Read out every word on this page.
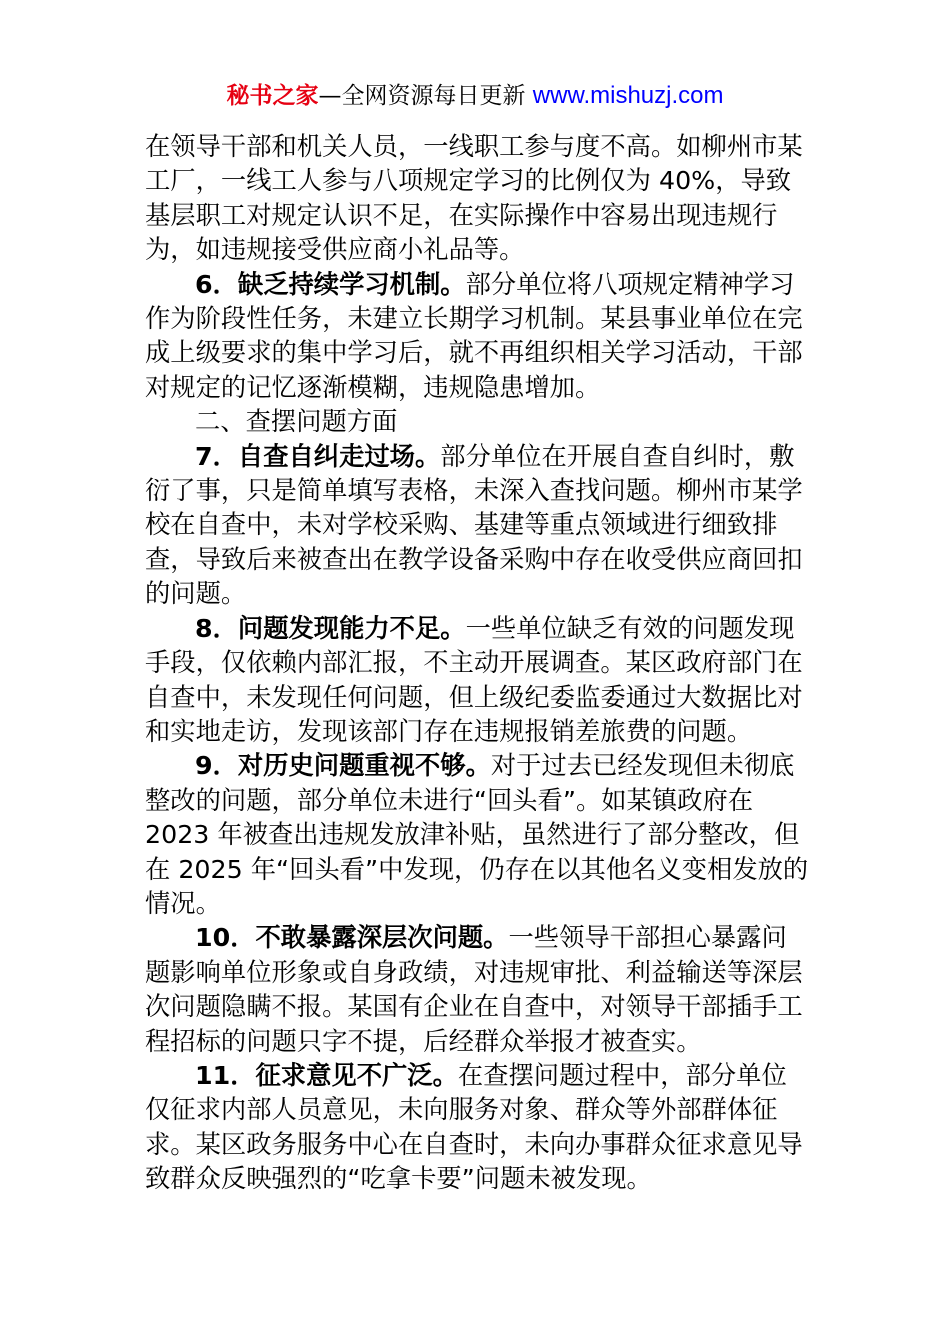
秘书之家—全网资源每日更新 www.mishuzj.com

在领导干部和机关人员，一线职工参与度不高。如柳州市某工厂，一线工人参与八项规定学习的比例仅为 40%，导致基层职工对规定认识不足，在实际操作中容易出现违规行为，如违规接受供应商小礼品等。

6．缺乏持续学习机制。部分单位将八项规定精神学习作为阶段性任务，未建立长期学习机制。某县事业单位在完成上级要求的集中学习后，就不再组织相关学习活动，干部对规定的记忆逐渐模糊，违规隐患增加。

二、查摆问题方面

7．自查自纠走过场。部分单位在开展自查自纠时，敷衍了事，只是简单填写表格，未深入查找问题。柳州市某学校在自查中，未对学校采购、基建等重点领域进行细致排查，导致后来被查出在教学设备采购中存在收受供应商回扣的问题。

8．问题发现能力不足。一些单位缺乏有效的问题发现手段，仅依赖内部汇报，不主动开展调查。某区政府部门在自查中，未发现任何问题，但上级纪委监委通过大数据比对和实地走访，发现该部门存在违规报销差旅费的问题。

9．对历史问题重视不够。对于过去已经发现但未彻底整改的问题，部分单位未进行“回头看”。如某镇政府在 2023 年被查出违规发放津补贴，虽然进行了部分整改，但在 2025 年“回头看”中发现，仍存在以其他名义变相发放的情况。

10．不敢暴露深层次问题。一些领导干部担心暴露问题影响单位形象或自身政绩，对违规审批、利益输送等深层次问题隐瞒不报。某国有企业在自查中，对领导干部插手工程招标的问题只字不提，后经群众举报才被查实。

11．征求意见不广泛。在查摆问题过程中，部分单位仅征求内部人员意见，未向服务对象、群众等外部群体征求。某区政务服务中心在自查时，未向办事群众征求意见导致群众反映强烈的“吃拿卡要”问题未被发现。
